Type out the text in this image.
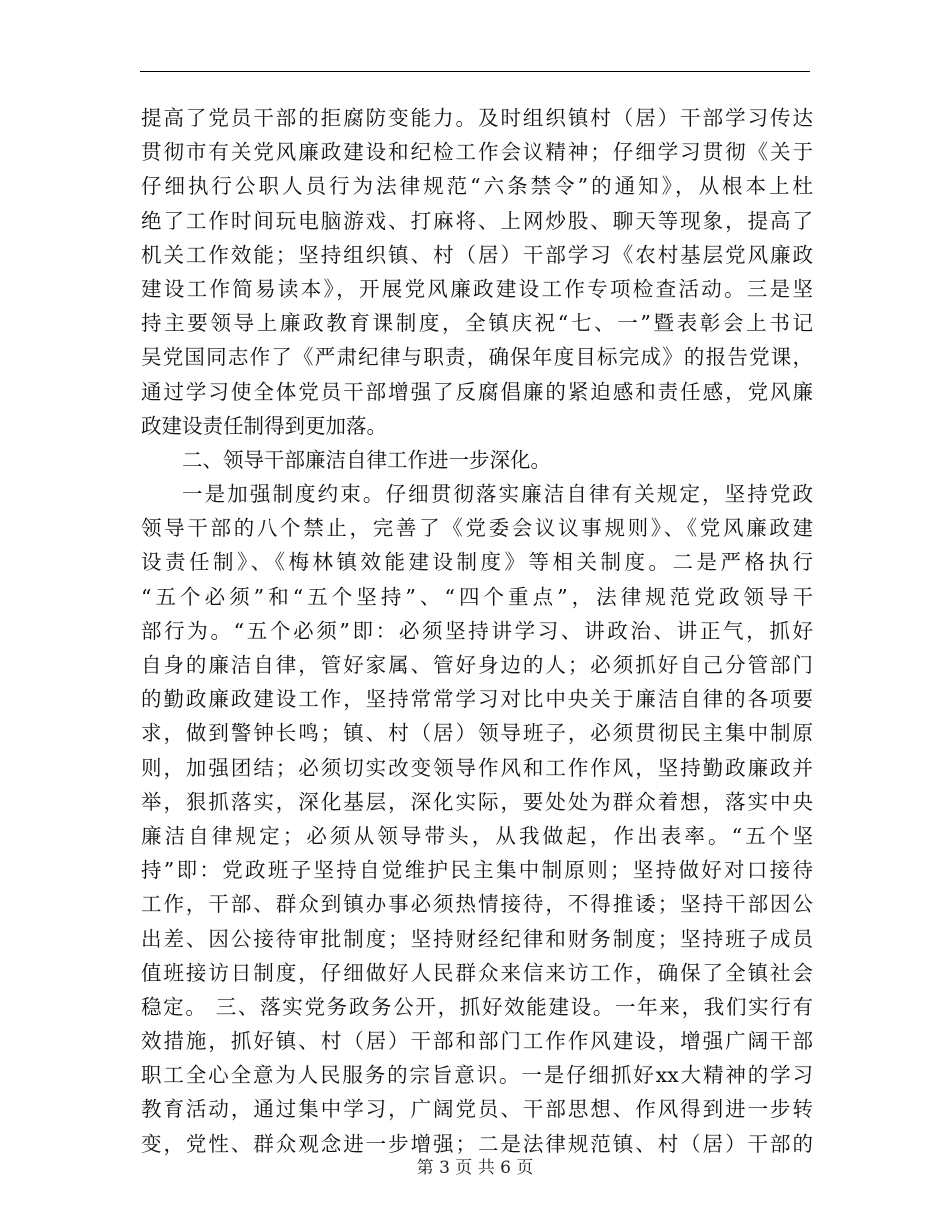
提高了党员干部的拒腐防变能力。及时组织镇村（居）干部学习传达
贯彻市有关党风廉政建设和纪检工作会议精神；仔细学习贯彻《关于
仔细执行公职人员行为法律规范“六条禁令”的通知》，从根本上杜
绝了工作时间玩电脑游戏、打麻将、上网炒股、聊天等现象，提高了
机关工作效能；坚持组织镇、村（居）干部学习《农村基层党风廉政
建设工作简易读本》，开展党风廉政建设工作专项检查活动。三是坚
持主要领导上廉政教育课制度，全镇庆祝“七、一”暨表彰会上书记
吴党国同志作了《严肃纪律与职责，确保年度目标完成》的报告党课，
通过学习使全体党员干部增强了反腐倡廉的紧迫感和责任感，党风廉
政建设责任制得到更加落。
二、领导干部廉洁自律工作进一步深化。
一是加强制度约束。仔细贯彻落实廉洁自律有关规定，坚持党政
领导干部的八个禁止，完善了《党委会议议事规则》、《党风廉政建
设责任制》、《梅林镇效能建设制度》等相关制度。二是严格执行
“五个必须”和“五个坚持”、“四个重点”，法律规范党政领导干
部行为。“五个必须”即：必须坚持讲学习、讲政治、讲正气，抓好
自身的廉洁自律，管好家属、管好身边的人；必须抓好自己分管部门
的勤政廉政建设工作，坚持常常学习对比中央关于廉洁自律的各项要
求，做到警钟长鸣；镇、村（居）领导班子，必须贯彻民主集中制原
则，加强团结；必须切实改变领导作风和工作作风，坚持勤政廉政并
举，狠抓落实，深化基层，深化实际，要处处为群众着想，落实中央
廉洁自律规定；必须从领导带头，从我做起，作出表率。“五个坚
持”即：党政班子坚持自觉维护民主集中制原则；坚持做好对口接待
工作，干部、群众到镇办事必须热情接待，不得推诿；坚持干部因公
出差、因公接待审批制度；坚持财经纪律和财务制度；坚持班子成员
值班接访日制度，仔细做好人民群众来信来访工作，确保了全镇社会
稳定。 三、落实党务政务公开，抓好效能建设。一年来，我们实行有
效措施，抓好镇、村（居）干部和部门工作作风建设，增强广阔干部
职工全心全意为人民服务的宗旨意识。一是仔细抓好xx大精神的学习
教育活动，通过集中学习，广阔党员、干部思想、作风得到进一步转
变，党性、群众观念进一步增强；二是法律规范镇、村（居）干部的
第 3 页 共 6 页
